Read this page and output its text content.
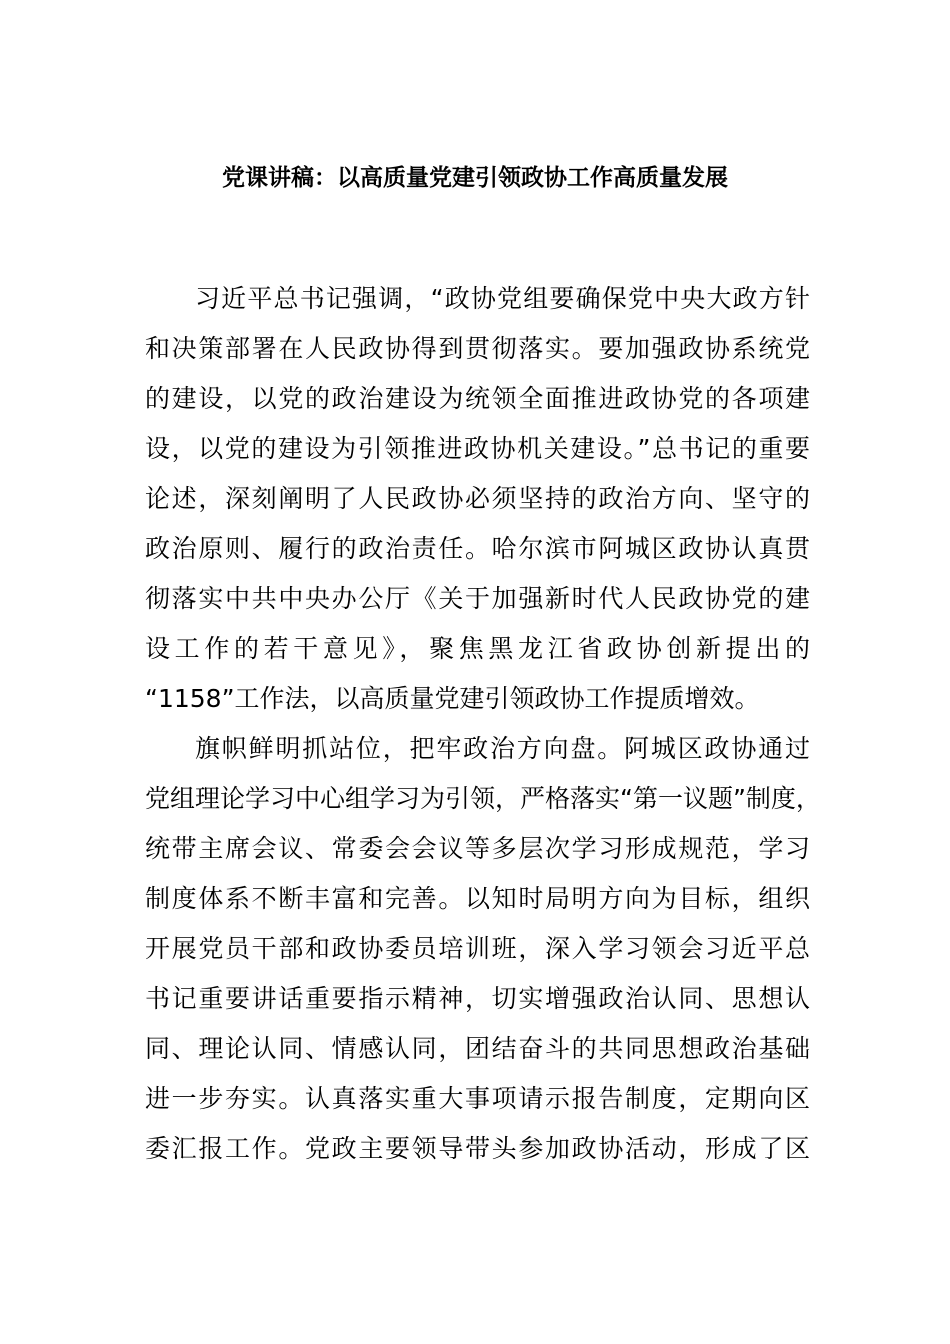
党课讲稿：以高质量党建引领政协工作高质量发展
习近平总书记强调，“政协党组要确保党中央大政方针
和决策部署在人民政协得到贯彻落实。要加强政协系统党
的建设，以党的政治建设为统领全面推进政协党的各项建
设，以党的建设为引领推进政协机关建设。”总书记的重要
论述，深刻阐明了人民政协必须坚持的政治方向、坚守的
政治原则、履行的政治责任。哈尔滨市阿城区政协认真贯
彻落实中共中央办公厅《关于加强新时代人民政协党的建
设工作的若干意见》，聚焦黑龙江省政协创新提出的
“1158”工作法，以高质量党建引领政协工作提质增效。
旗帜鲜明抓站位，把牢政治方向盘。阿城区政协通过
党组理论学习中心组学习为引领，严格落实“第一议题”制度，
统带主席会议、常委会会议等多层次学习形成规范，学习
制度体系不断丰富和完善。以知时局明方向为目标，组织
开展党员干部和政协委员培训班，深入学习领会习近平总
书记重要讲话重要指示精神，切实增强政治认同、思想认
同、理论认同、情感认同，团结奋斗的共同思想政治基础
进一步夯实。认真落实重大事项请示报告制度，定期向区
委汇报工作。党政主要领导带头参加政协活动，形成了区
